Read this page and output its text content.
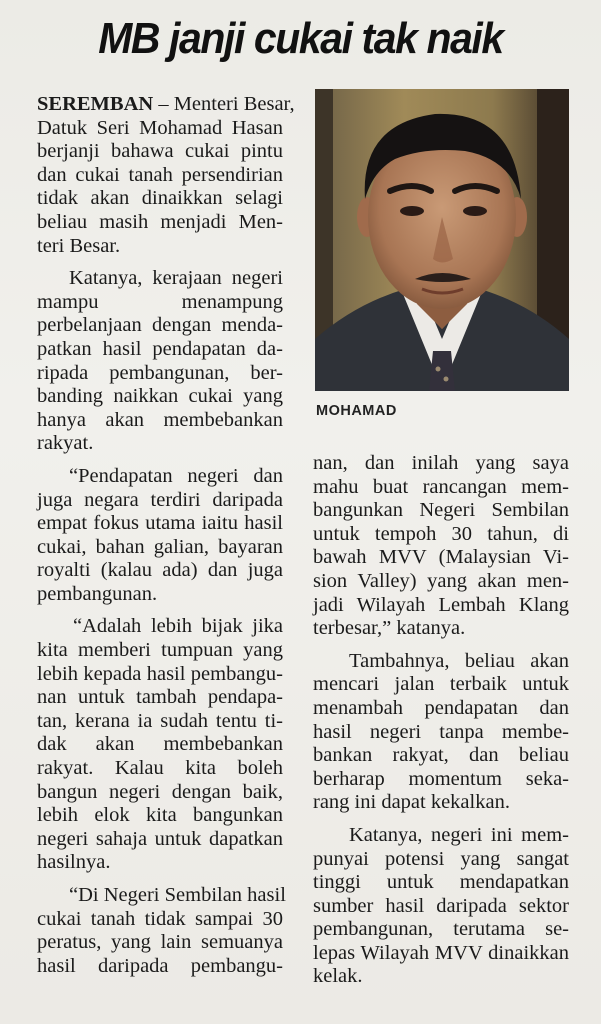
MB janji cukai tak naik
MOHAMAD

SEREMBAN – Menteri Besar,
Datuk Seri Mohamad Hasan
berjanji bahawa cukai pintu
dan cukai tanah persendirian
tidak akan dinaikkan selagi
beliau masih menjadi Men-
teri Besar.

Katanya, kerajaan negeri
mampu menampung
perbelanjaan dengan menda-
patkan hasil pendapatan da-
ripada pembangunan, ber-
banding naikkan cukai yang
hanya akan membebankan
rakyat.

“Pendapatan negeri dan
juga negara terdiri daripada
empat fokus utama iaitu hasil
cukai, bahan galian, bayaran
royalti (kalau ada) dan juga
pembangunan.

“Adalah lebih bijak jika
kita memberi tumpuan yang
lebih kepada hasil pembangu-
nan untuk tambah pendapa-
tan, kerana ia sudah tentu ti-
dak akan membebankan
rakyat. Kalau kita boleh
bangun negeri dengan baik,
lebih elok kita bangunkan
negeri sahaja untuk dapatkan
hasilnya.

“Di Negeri Sembilan hasil
cukai tanah tidak sampai 30
peratus, yang lain semuanya
hasil daripada pembangu-

nan, dan inilah yang saya
mahu buat rancangan mem-
bangunkan Negeri Sembilan
untuk tempoh 30 tahun, di
bawah MVV (Malaysian Vi-
sion Valley) yang akan men-
jadi Wilayah Lembah Klang
terbesar,” katanya.

Tambahnya, beliau akan
mencari jalan terbaik untuk
menambah pendapatan dan
hasil negeri tanpa membe-
bankan rakyat, dan beliau
berharap momentum seka-
rang ini dapat kekalkan.

Katanya, negeri ini mem-
punyai potensi yang sangat
tinggi untuk mendapatkan
sumber hasil daripada sektor
pembangunan, terutama se-
lepas Wilayah MVV dinaikkan
kelak.
